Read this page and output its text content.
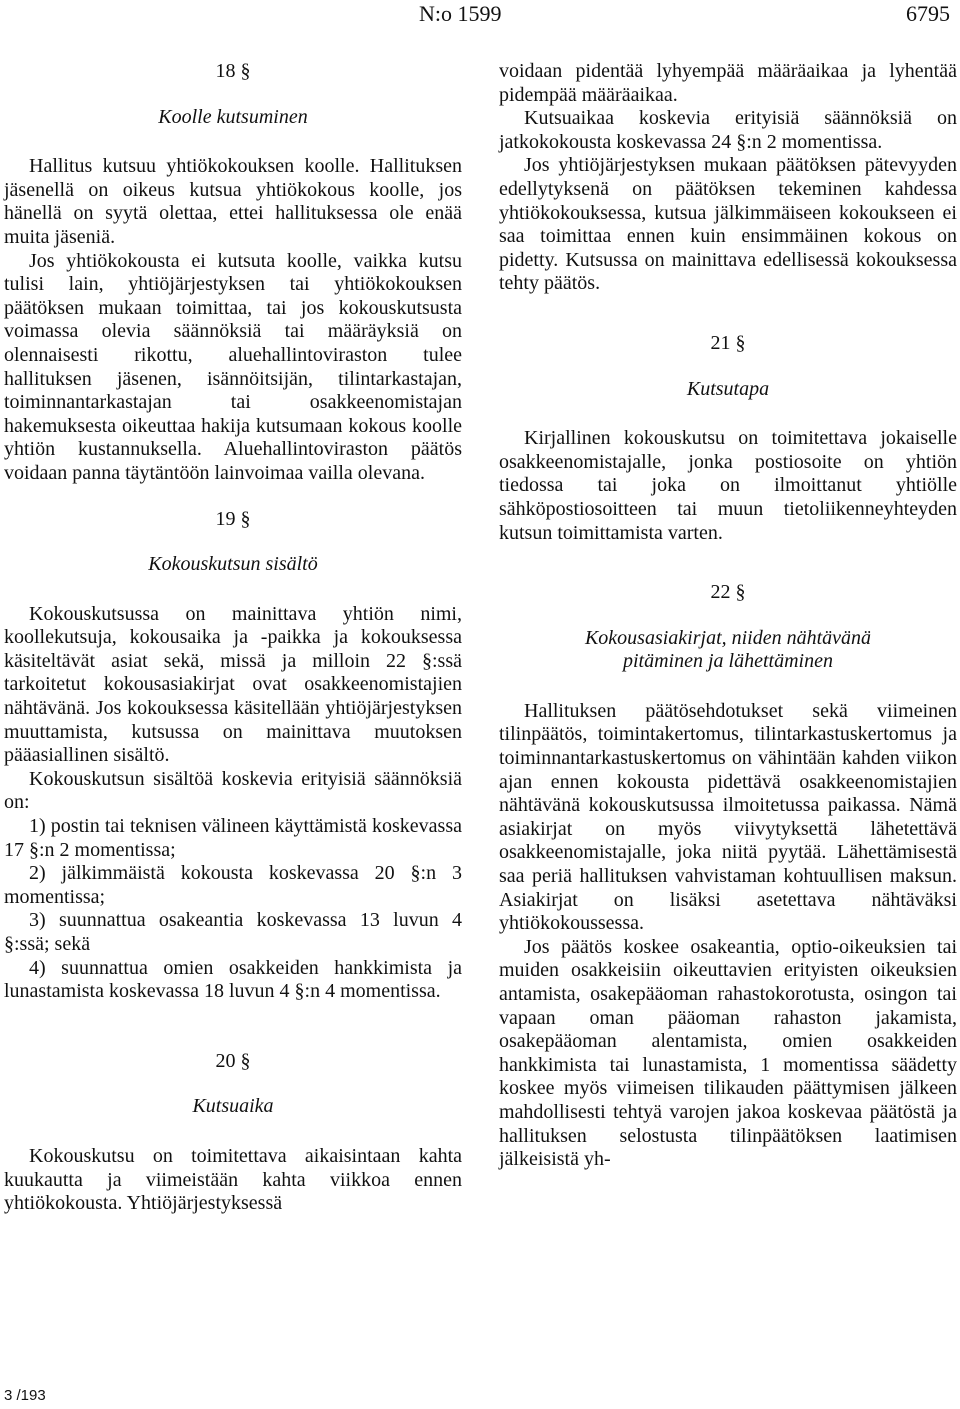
N:o 1599	6795

18 §

Koolle kutsuminen

Hallitus kutsuu yhtiökokouksen koolle. Hallituksen jäsenellä on oikeus kutsua yhtiökokous koolle, jos hänellä on syytä olettaa, ettei hallituksessa ole enää muita jäseniä.

Jos yhtiökokousta ei kutsuta koolle, vaikka kutsu tulisi lain, yhtiöjärjestyksen tai yhtiökokouksen päätöksen mukaan toimittaa, tai jos kokouskutsusta voimassa olevia säännöksiä tai määräyksiä on olennaisesti rikottu, aluehallintoviraston tulee hallituksen jäsenen, isännöitsijän, tilintarkastajan, toiminnantarkastajan tai osakkeenomistajan hakemuksesta oikeuttaa hakija kutsumaan kokous koolle yhtiön kustannuksella. Aluehallintoviraston päätös voidaan panna täytäntöön lainvoimaa vailla olevana.

19 §

Kokouskutsun sisältö

Kokouskutsussa on mainittava yhtiön nimi, koollekutsuja, kokousaika ja -paikka ja kokouksessa käsiteltävät asiat sekä, missä ja milloin 22 §:ssä tarkoitetut kokousasiakirjat ovat osakkeenomistajien nähtävänä. Jos kokouksessa käsitellään yhtiöjärjestyksen muuttamista, kutsussa on mainittava muutoksen pääasiallinen sisältö.

Kokouskutsun sisältöä koskevia erityisiä säännöksiä on:

1) postin tai teknisen välineen käyttämistä koskevassa 17 §:n 2 momentissa;

2) jälkimmäistä kokousta koskevassa 20 §:n 3 momentissa;

3) suunnattua osakeantia koskevassa 13 luvun 4 §:ssä; sekä

4) suunnattua omien osakkeiden hankkimista ja lunastamista koskevassa 18 luvun 4 §:n 4 momentissa.

20 §

Kutsuaika

Kokouskutsu on toimitettava aikaisintaan kahta kuukautta ja viimeistään kahta viikkoa ennen yhtiökokousta. Yhtiöjärjestyksessä

voidaan pidentää lyhyempää määräaikaa ja lyhentää pidempää määräaikaa.

Kutsuaikaa koskevia erityisiä säännöksiä on jatkokokousta koskevassa 24 §:n 2 momentissa.

Jos yhtiöjärjestyksen mukaan päätöksen pätevyyden edellytyksenä on päätöksen tekeminen kahdessa yhtiökokouksessa, kutsua jälkimmäiseen kokoukseen ei saa toimittaa ennen kuin ensimmäinen kokous on pidetty. Kutsussa on mainittava edellisessä kokouksessa tehty päätös.

21 §

Kutsutapa

Kirjallinen kokouskutsu on toimitettava jokaiselle osakkeenomistajalle, jonka postiosoite on yhtiön tiedossa tai joka on ilmoittanut yhtiölle sähköpostiosoitteen tai muun tietoliikenneyhteyden kutsun toimittamista varten.

22 §

Kokousasiakirjat, niiden nähtävänä

pitäminen ja lähettäminen

Hallituksen päätösehdotukset sekä viimeinen tilinpäätös, toimintakertomus, tilintarkastuskertomus ja toiminnantarkastuskertomus on vähintään kahden viikon ajan ennen kokousta pidettävä osakkeenomistajien nähtävänä kokouskutsussa ilmoitetussa paikassa. Nämä asiakirjat on myös viivytyksettä lähetettävä osakkeenomistajalle, joka niitä pyytää. Lähettämisestä saa periä hallituksen vahvistaman kohtuullisen maksun. Asiakirjat on lisäksi asetettava nähtäväksi yhtiökokoussessa.

Jos päätös koskee osakeantia, optio-oikeuksien tai muiden osakkeisiin oikeuttavien erityisten oikeuksien antamista, osakepääoman rahastokorotusta, osingon tai vapaan oman pääoman rahaston jakamista, osakepääoman alentamista, omien osakkeiden hankkimista tai lunastamista, 1 momentissa säädetty koskee myös viimeisen tilikauden päättymisen jälkeen mahdollisesti tehtyä varojen jakoa koskevaa päätöstä ja hallituksen selostusta tilinpäätöksen laatimisen jälkeisistä yh-

3 /193
